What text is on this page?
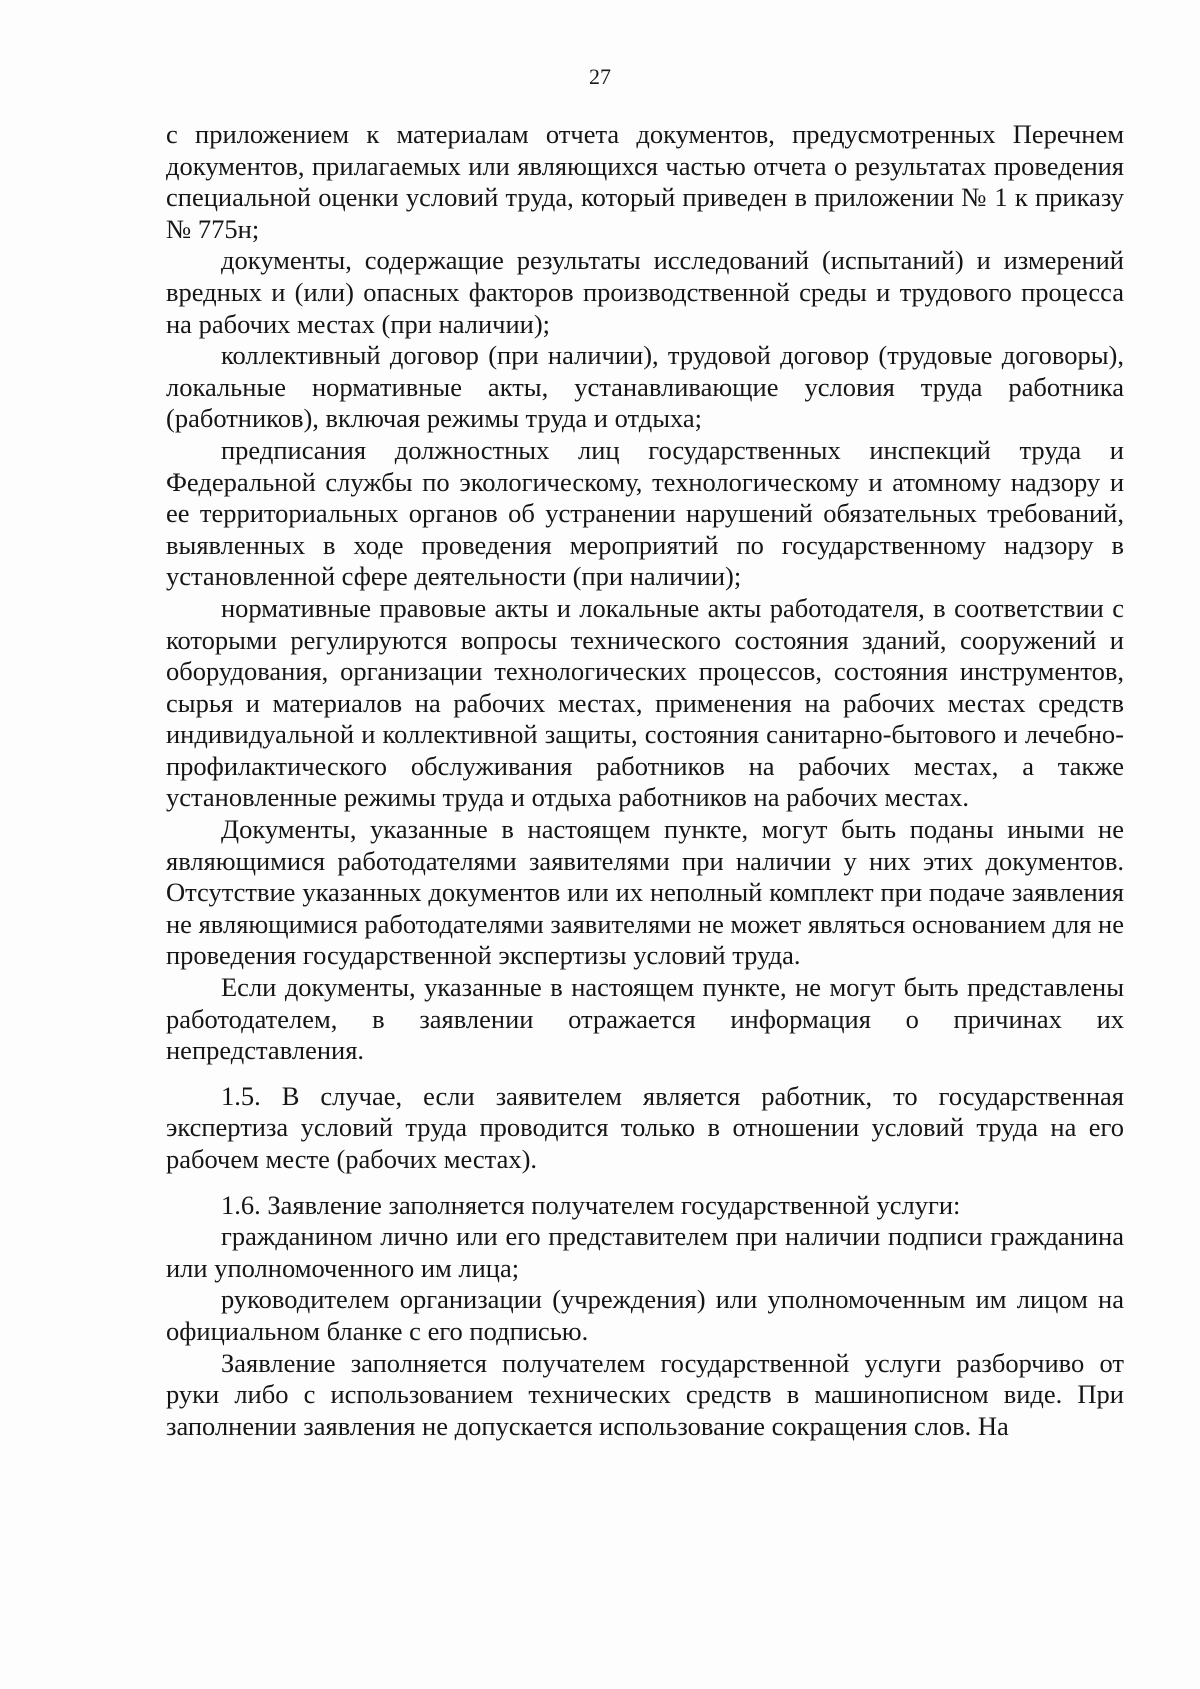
27

с приложением к материалам отчета документов, предусмотренных Перечнем документов, прилагаемых или являющихся частью отчета о результатах проведения специальной оценки условий труда, который приведен в приложении № 1 к приказу № 775н;

документы, содержащие результаты исследований (испытаний) и измерений вредных и (или) опасных факторов производственной среды и трудового процесса на рабочих местах (при наличии);

коллективный договор (при наличии), трудовой договор (трудовые договоры), локальные нормативные акты, устанавливающие условия труда работника (работников), включая режимы труда и отдыха;

предписания должностных лиц государственных инспекций труда и Федеральной службы по экологическому, технологическому и атомному надзору и ее территориальных органов об устранении нарушений обязательных требований, выявленных в ходе проведения мероприятий по государственному надзору в установленной сфере деятельности (при наличии);

нормативные правовые акты и локальные акты работодателя, в соответствии с которыми регулируются вопросы технического состояния зданий, сооружений и оборудования, организации технологических процессов, состояния инструментов, сырья и материалов на рабочих местах, применения на рабочих местах средств индивидуальной и коллективной защиты, состояния санитарно-бытового и лечебно-профилактического обслуживания работников на рабочих местах, а также установленные режимы труда и отдыха работников на рабочих местах.

Документы, указанные в настоящем пункте, могут быть поданы иными не являющимися работодателями заявителями при наличии у них этих документов. Отсутствие указанных документов или их неполный комплект при подаче заявления не являющимися работодателями заявителями не может являться основанием для не проведения государственной экспертизы условий труда.

Если документы, указанные в настоящем пункте, не могут быть представлены работодателем, в заявлении отражается информация о причинах их непредставления.

1.5. В случае, если заявителем является работник, то государственная экспертиза условий труда проводится только в отношении условий труда на его рабочем месте (рабочих местах).

1.6. Заявление заполняется получателем государственной услуги:

гражданином лично или его представителем при наличии подписи гражданина или уполномоченного им лица;

руководителем организации (учреждения) или уполномоченным им лицом на официальном бланке с его подписью.

Заявление заполняется получателем государственной услуги разборчиво от руки либо с использованием технических средств в машинописном виде. При заполнении заявления не допускается использование сокращения слов. На
